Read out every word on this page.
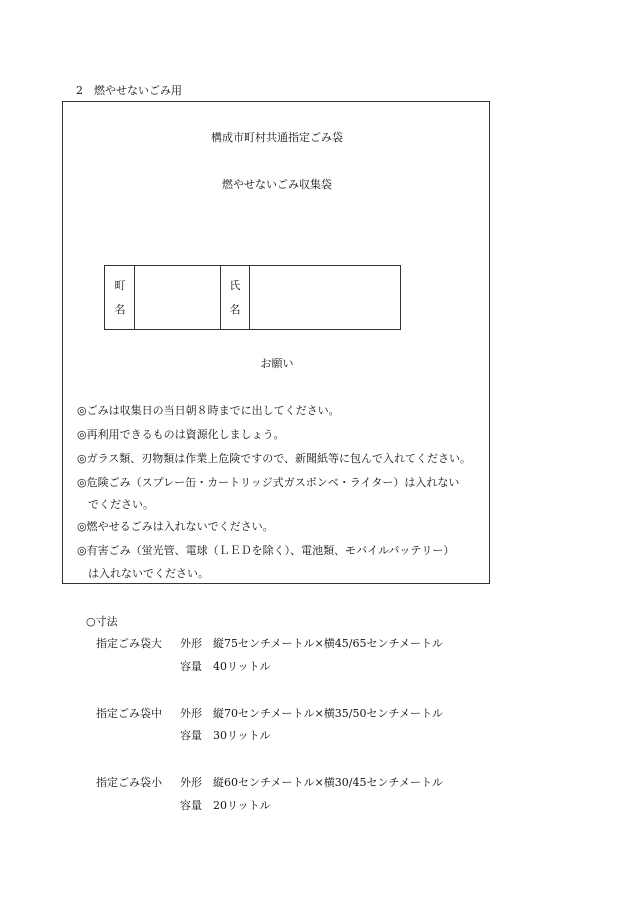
2　燃やせないごみ用
構成市町村共通指定ごみ袋
燃やせないごみ収集袋
町
名
氏
名
お願い
◎ごみは収集日の当日朝８時までに出してください。
◎再利用できるものは資源化しましょう。
◎ガラス類、刃物類は作業上危険ですので、新聞紙等に包んで入れてください。
◎危険ごみ（スプレー缶・カートリッジ式ガスボンベ・ライター）は入れない
　でください。
◎燃やせるごみは入れないでください。
◎有害ごみ（蛍光管、電球（ＬＥＤを除く）、電池類、モバイルバッテリー）
　は入れないでください。
○寸法
指定ごみ袋大 外形 縦75センチメートル×横45/65センチメートル
容量 40リットル
指定ごみ袋中 外形 縦70センチメートル×横35/50センチメートル
容量 30リットル
指定ごみ袋小 外形 縦60センチメートル×横30/45センチメートル
容量 20リットル
